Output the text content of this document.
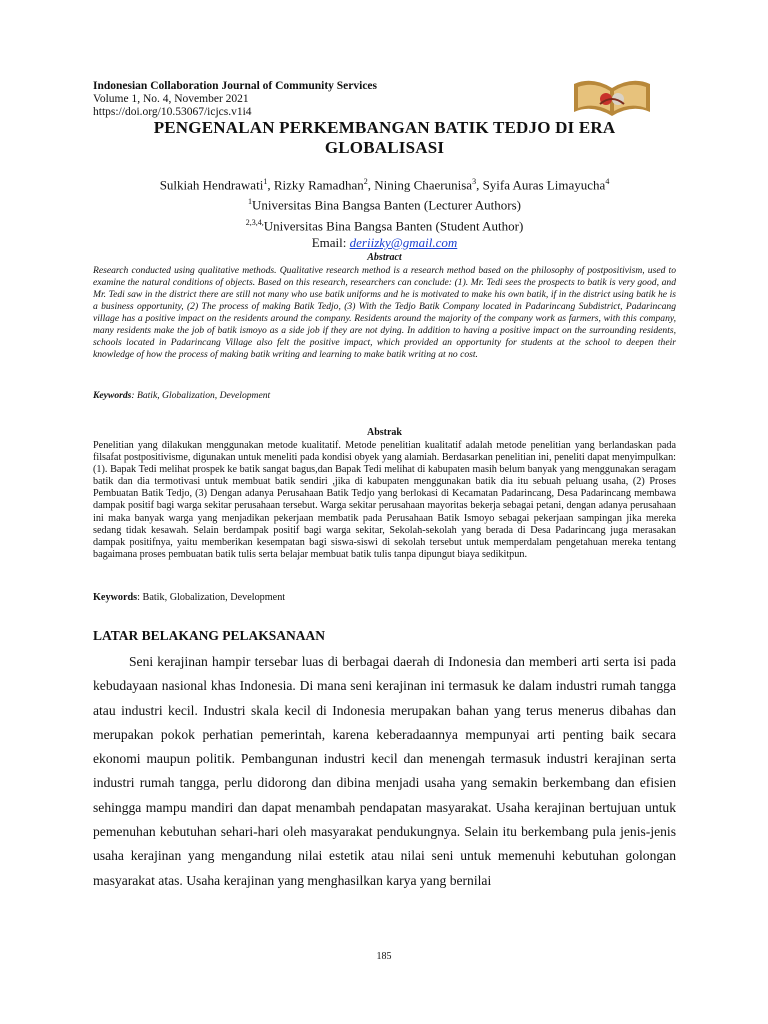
Indonesian Collaboration Journal of Community Services
Volume 1, No. 4, November 2021
https://doi.org/10.53067/icjcs.v1i4
PENGENALAN PERKEMBANGAN BATIK TEDJO DI ERA GLOBALISASI
Sulkiah Hendrawati$^1$, Rizky Ramadhan$^2$, Nining Chaerunisa$^3$, Syifa Auras Limayucha$^4$
$^1$Universitas Bina Bangsa Banten (Lecturer Authors)
$^{2,3,4,}$Universitas Bina Bangsa Banten (Student Author)
Email: deriizky@gmail.com
Abstract
Research conducted using qualitative methods. Qualitative research method is a research method based on the philosophy of postpositivism, used to examine the natural conditions of objects. Based on this research, researchers can conclude: (1). Mr. Tedi sees the prospects to batik is very good, and Mr. Tedi saw in the district there are still not many who use batik uniforms and he is motivated to make his own batik, if in the district using batik he is a business opportunity, (2) The process of making Batik Tedjo, (3) With the Tedjo Batik Company located in Padarincang Subdistrict, Padarincang village has a positive impact on the residents around the company. Residents around the majority of the company work as farmers, with this company, many residents make the job of batik ismoyo as a side job if they are not dying. In addition to having a positive impact on the surrounding residents, schools located in Padarincang Village also felt the positive impact, which provided an opportunity for students at the school to deepen their knowledge of how the process of making batik writing and learning to make batik writing at no cost.
Keywords: Batik, Globalization, Development
Abstrak
Penelitian yang dilakukan menggunakan metode kualitatif. Metode penelitian kualitatif adalah metode penelitian yang berlandaskan pada filsafat postpositivisme, digunakan untuk meneliti pada kondisi obyek yang alamiah. Berdasarkan penelitian ini, peneliti dapat menyimpulkan: (1). Bapak Tedi melihat prospek ke batik sangat bagus,dan Bapak Tedi melihat di kabupaten masih belum banyak yang menggunakan seragam batik dan dia termotivasi untuk membuat batik sendiri ,jika di kabupaten menggunakan batik dia itu sebuah peluang usaha, (2) Proses Pembuatan Batik Tedjo, (3) Dengan adanya Perusahaan Batik Tedjo yang berlokasi di Kecamatan Padarincang, Desa Padarincang membawa dampak positif bagi warga sekitar perusahaan tersebut. Warga sekitar perusahaan mayoritas bekerja sebagai petani, dengan adanya perusahaan ini maka banyak warga yang menjadikan pekerjaan membatik pada Perusahaan Batik Ismoyo sebagai pekerjaan sampingan jika mereka sedang tidak kesawah. Selain berdampak positif bagi warga sekitar, Sekolah-sekolah yang berada di Desa Padarincang juga merasakan dampak positifnya, yaitu memberikan kesempatan bagi siswa-siswi di sekolah tersebut untuk memperdalam pengetahuan mereka tentang bagaimana proses pembuatan batik tulis serta belajar membuat batik tulis tanpa dipungut biaya sedikitpun.
Keywords: Batik, Globalization, Development
LATAR BELAKANG PELAKSANAAN
Seni kerajinan hampir tersebar luas di berbagai daerah di Indonesia dan memberi arti serta isi pada kebudayaan nasional khas Indonesia. Di mana seni kerajinan ini termasuk ke dalam industri rumah tangga atau industri kecil. Industri skala kecil di Indonesia merupakan bahan yang terus menerus dibahas dan merupakan pokok perhatian pemerintah, karena keberadaannya mempunyai arti penting baik secara ekonomi maupun politik. Pembangunan industri kecil dan menengah termasuk industri kerajinan serta industri rumah tangga, perlu didorong dan dibina menjadi usaha yang semakin berkembang dan efisien sehingga mampu mandiri dan dapat menambah pendapatan masyarakat. Usaha kerajinan bertujuan untuk pemenuhan kebutuhan sehari-hari oleh masyarakat pendukungnya. Selain itu berkembang pula jenis-jenis usaha kerajinan yang mengandung nilai estetik atau nilai seni untuk memenuhi kebutuhan golongan masyarakat atas. Usaha kerajinan yang menghasilkan karya yang bernilai
185
